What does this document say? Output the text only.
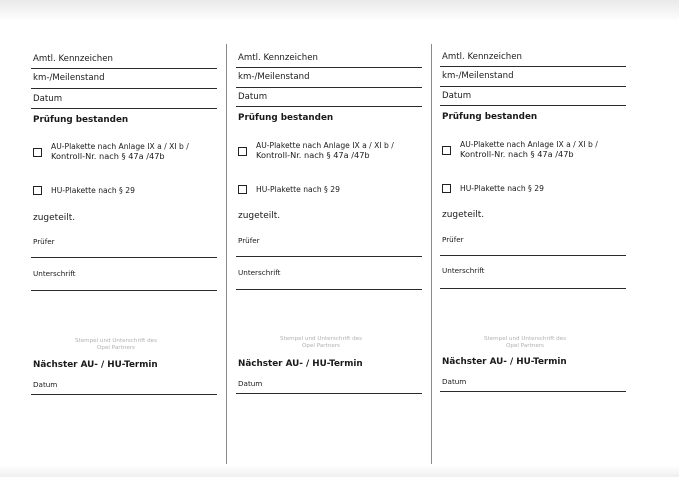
Amtl. Kennzeichen
km-/Meilenstand
Datum
Prüfung bestanden
AU-Plakette nach Anlage IX a / XI b /
Kontroll-Nr. nach § 47a /47b
HU-Plakette nach § 29
zugeteilt.
Prüfer
Unterschrift
Stempel und Unterschrift des
Opel Partners
Nächster AU- / HU-Termin
Datum
Amtl. Kennzeichen
km-/Meilenstand
Datum
Prüfung bestanden
AU-Plakette nach Anlage IX a / XI b /
Kontroll-Nr. nach § 47a /47b
HU-Plakette nach § 29
zugeteilt.
Prüfer
Unterschrift
Stempel und Unterschrift des
Opel Partners
Nächster AU- / HU-Termin
Datum
Amtl. Kennzeichen
km-/Meilenstand
Datum
Prüfung bestanden
AU-Plakette nach Anlage IX a / XI b /
Kontroll-Nr. nach § 47a /47b
HU-Plakette nach § 29
zugeteilt.
Prüfer
Unterschrift
Stempel und Unterschrift des
Opel Partners
Nächster AU- / HU-Termin
Datum
